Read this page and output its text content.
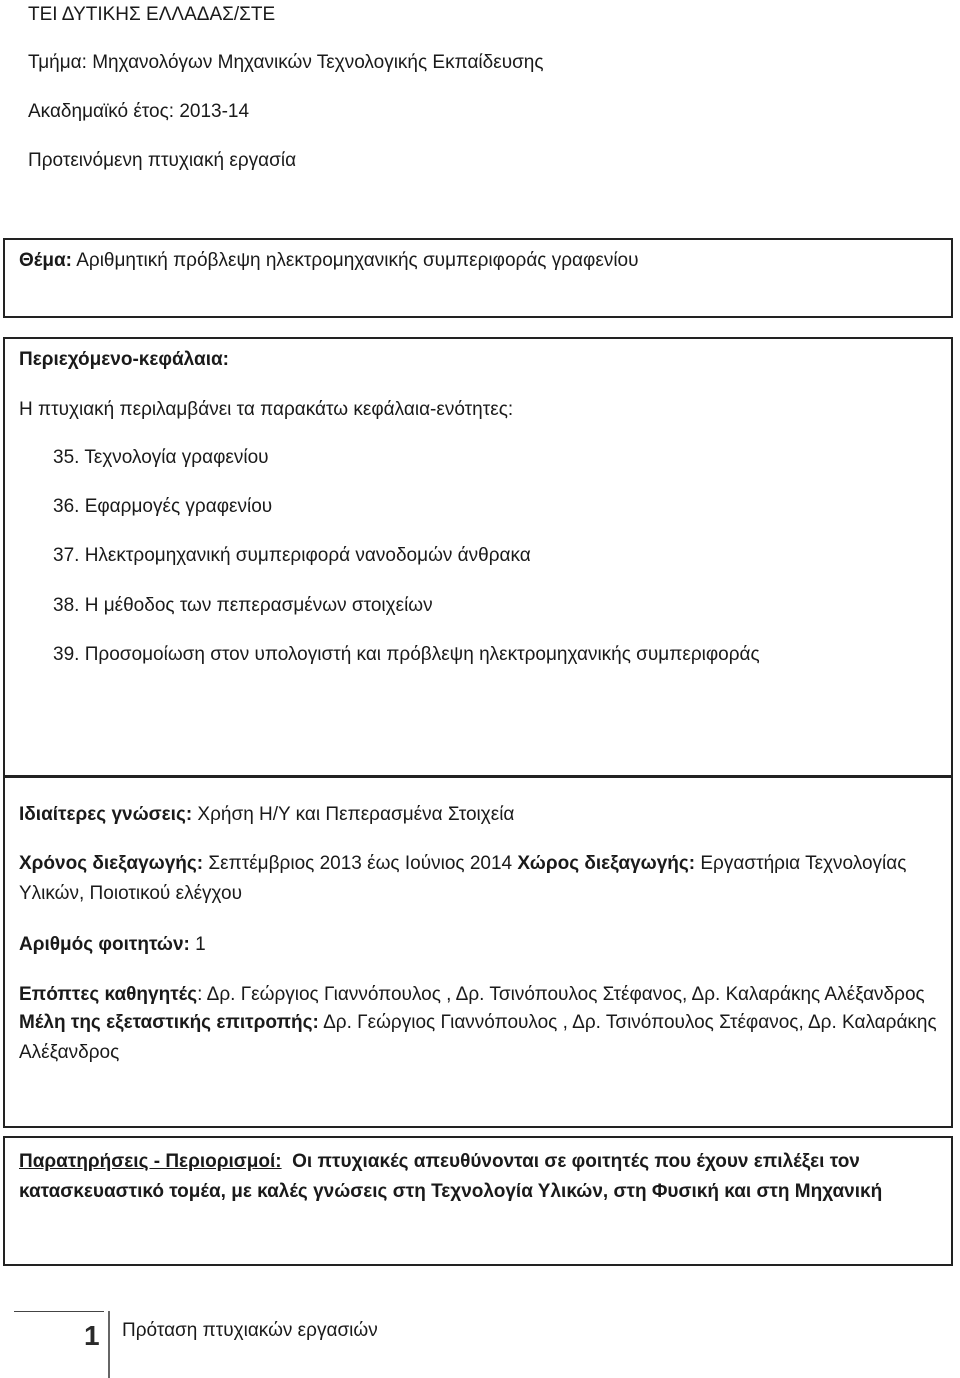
ΤΕΙ ΔΥΤΙΚΗΣ ΕΛΛΑΔΑΣ/ΣΤΕ
Τμήμα: Μηχανολόγων Μηχανικών Τεχνολογικής Εκπαίδευσης
Ακαδημαϊκό έτος: 2013-14
Προτεινόμενη πτυχιακή εργασία
Θέμα: Αριθμητική πρόβλεψη ηλεκτρομηχανικής συμπεριφοράς γραφενίου
Περιεχόμενο-κεφάλαια:
Η πτυχιακή περιλαμβάνει τα παρακάτω κεφάλαια-ενότητες:
35. Τεχνολογία γραφενίου
36. Εφαρμογές γραφενίου
37. Ηλεκτρομηχανική συμπεριφορά νανοδομών άνθρακα
38. Η μέθοδος των πεπερασμένων στοιχείων
39. Προσομοίωση στον υπολογιστή και πρόβλεψη ηλεκτρομηχανικής συμπεριφοράς
Ιδιαίτερες γνώσεις: Χρήση Η/Υ και Πεπερασμένα Στοιχεία
Χρόνος διεξαγωγής: Σεπτέμβριος 2013 έως Ιούνιος 2014 Χώρος διεξαγωγής: Εργαστήρια Τεχνολογίας Υλικών, Ποιοτικού ελέγχου
Αριθμός φοιτητών: 1
Επόπτες καθηγητές: Δρ. Γεώργιος Γιαννόπουλος , Δρ. Τσινόπουλος Στέφανος, Δρ. Καλαράκης Αλέξανδρος
Μέλη της εξεταστικής επιτροπής: Δρ. Γεώργιος Γιαννόπουλος , Δρ. Τσινόπουλος Στέφανος, Δρ. Καλαράκης Αλέξανδρος
Παρατηρήσεις - Περιορισμοί: Οι πτυχιακές απευθύνονται σε φοιτητές που έχουν επιλέξει τον κατασκευαστικό τομέα, με καλές γνώσεις στη Τεχνολογία Υλικών, στη Φυσική και στη Μηχανική
1 Πρόταση πτυχιακών εργασιών
